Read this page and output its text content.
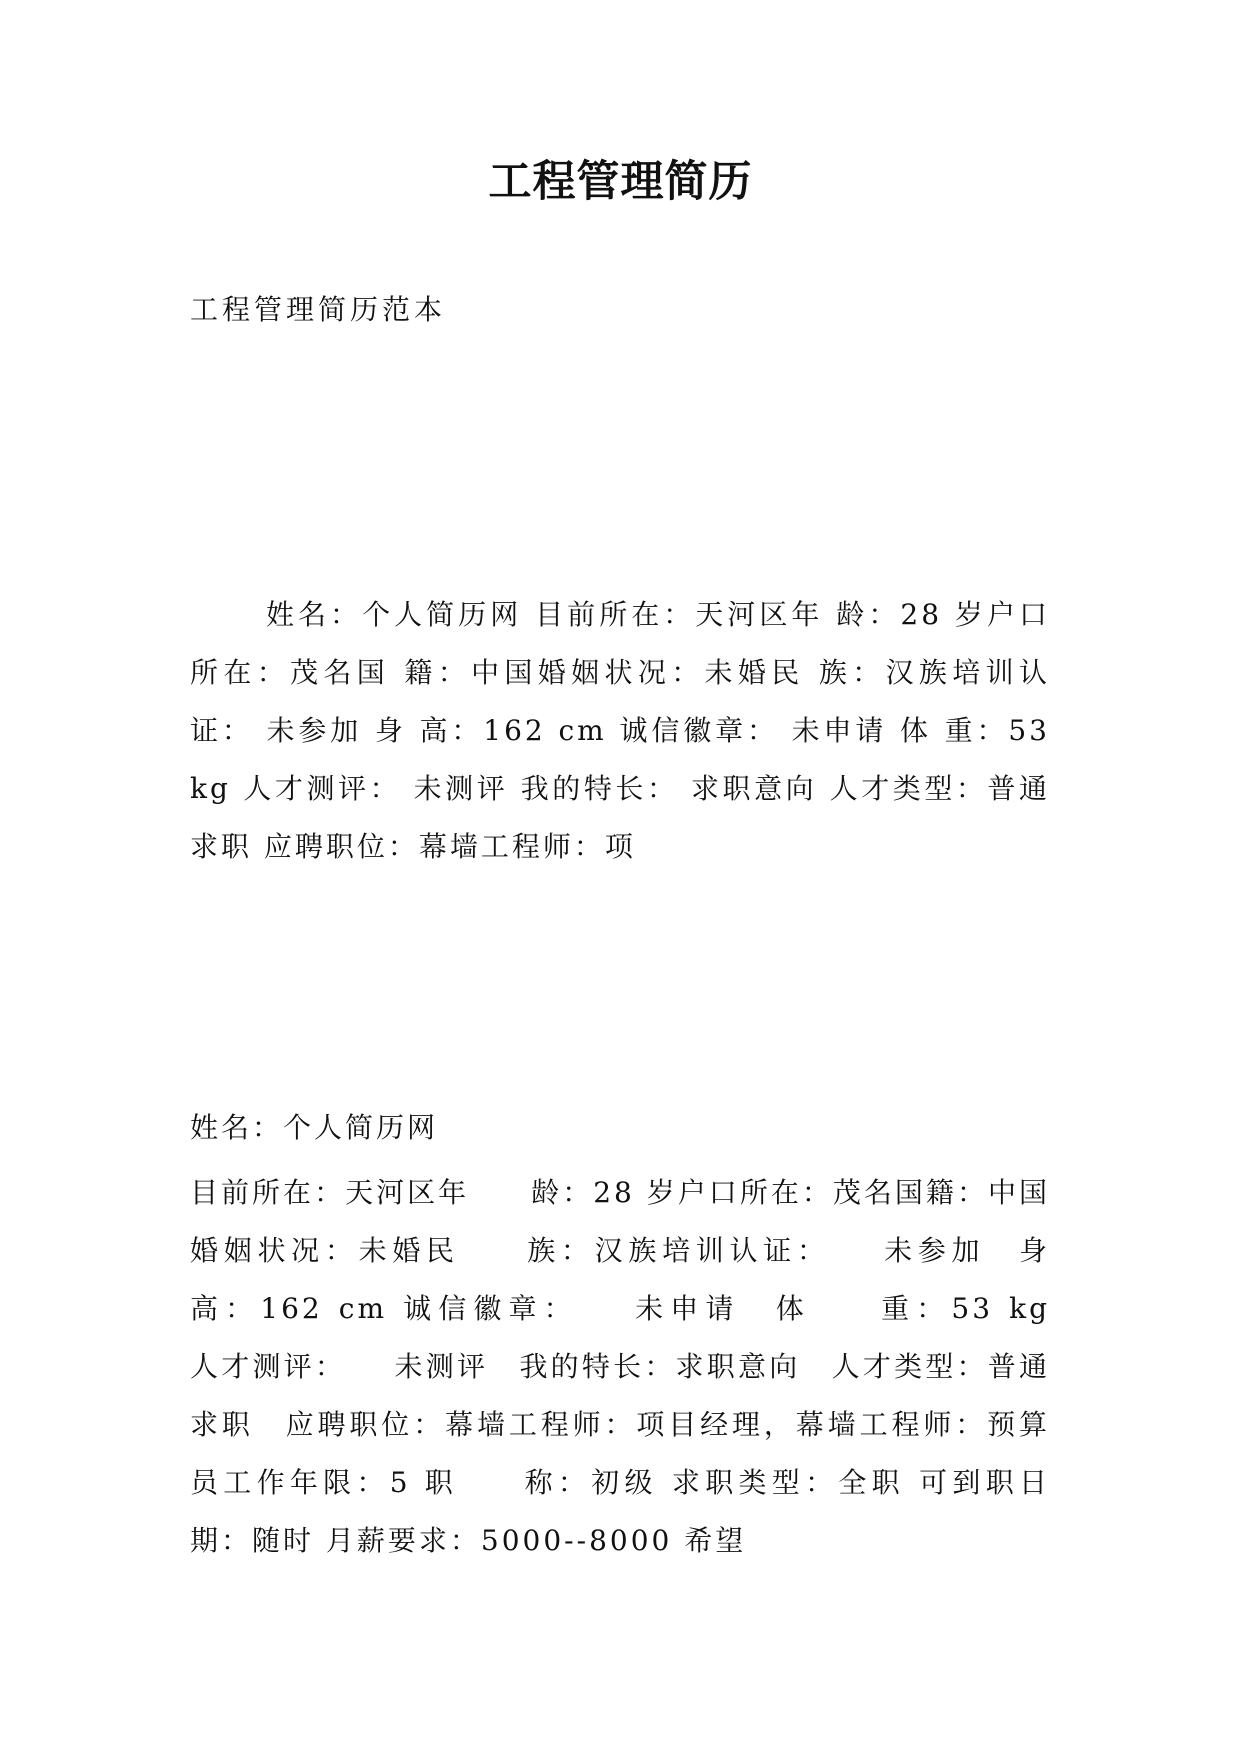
工程管理简历
工程管理简历范本
姓名：个人简历网 目前所在：天河区年 龄：28 岁户口所在：茂名国 籍：中国婚姻状况：未婚民 族：汉族培训认证： 未参加 身 高：162 cm 诚信徽章： 未申请 体 重：53 kg 人才测评： 未测评 我的特长： 求职意向 人才类型：普通求职 应聘职位：幕墙工程师：项
姓名：个人简历网
目前所在：天河区年　　龄：28 岁户口所在：茂名国籍：中国婚姻状况：未婚民　　族：汉族培训认证：　　未参加　身　　高：162 cm 诚信徽章：　　未申请　体　　重：53 kg　　人才测评：　　未测评　我的特长：求职意向　人才类型：普通求职　应聘职位：幕墙工程师：项目经理，幕墙工程师：预算员工作年限：5 职　　称：初级 求职类型：全职 可到职日期：随时 月薪要求：5000--8000 希望
